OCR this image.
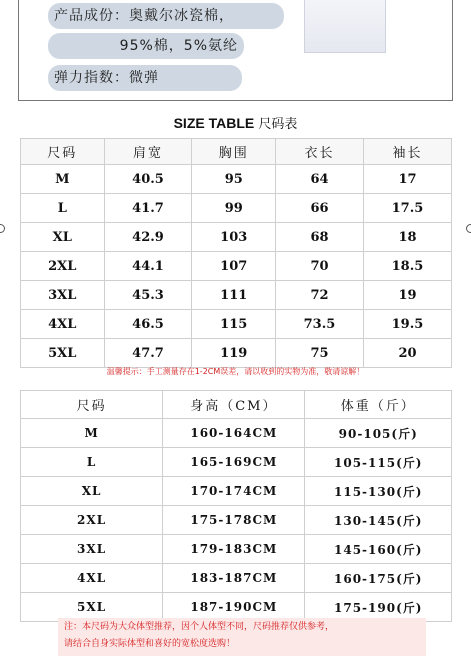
产品成份：奥戴尔冰瓷棉，
95%棉，5%氨纶
弹力指数：微弹
SIZE TABLE 尺码表
尺码	肩宽	胸围	衣长	袖长
M	40.5	95	64	17
L	41.7	99	66	17.5
XL	42.9	103	68	18
2XL	44.1	107	70	18.5
3XL	45.3	111	72	19
4XL	46.5	115	73.5	19.5
5XL	47.7	119	75	20
温馨提示：手工测量存在1-2CM误差，请以收到的实物为准，敬请谅解！
尺码	身高（CM）	体重（斤）
M	160-164CM	90-105(斤)
L	165-169CM	105-115(斤)
XL	170-174CM	115-130(斤)
2XL	175-178CM	130-145(斤)
3XL	179-183CM	145-160(斤)
4XL	183-187CM	160-175(斤)
5XL	187-190CM	175-190(斤)
注：本尺码为大众体型推荐，因个人体型不同，尺码推荐仅供参考，
请结合自身实际体型和喜好的宽松度选购！
